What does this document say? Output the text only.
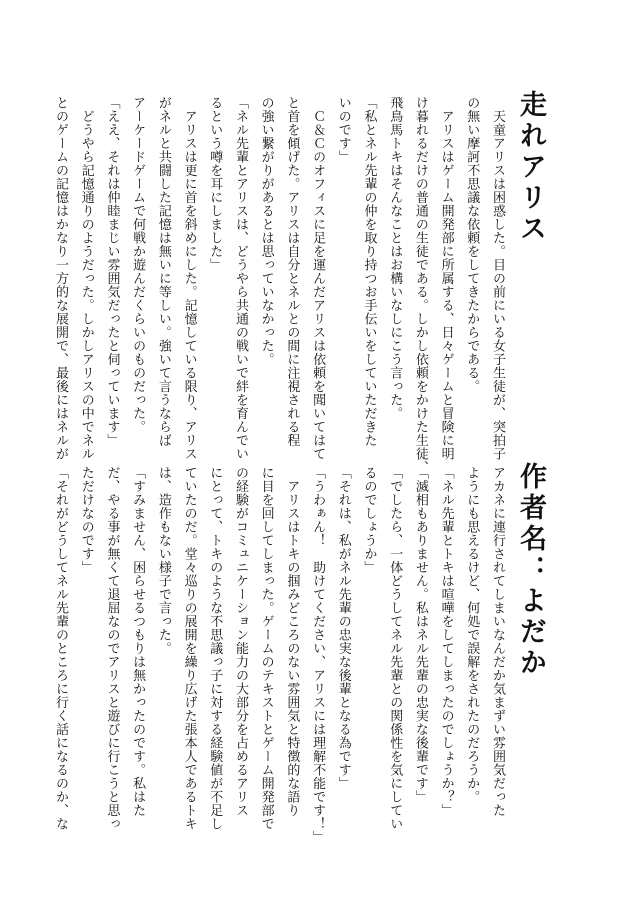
走れアリス

　天童アリスは困惑した。目の前にいる女子生徒が、突拍子

の無い摩訶不思議な依頼をしてきたからである。

　アリスはゲーム開発部に所属する、日々ゲームと冒険に明

け暮れるだけの普通の生徒である。しかし依頼をかけた生徒、

飛鳥馬トキはそんなことはお構いなしにこう言った。

「私とネル先輩の仲を取り持つお手伝いをしていただきた

いのです」

　Ｃ＆Ｃのオフィスに足を運んだアリスは依頼を聞いてはて

と首を傾げた。アリスは自分とネルとの間に注視される程

の強い繋がりがあるとは思っていなかった。

「ネル先輩とアリスは、どうやら共通の戦いで絆を育んでい

るという噂を耳にしました」

　アリスは更に首を斜めにした。記憶している限り、アリス

がネルと共闘した記憶は無いに等しい。強いて言うならば

アーケードゲームで何戦か遊んだくらいのものだった。

「ええ、それは仲睦まじい雰囲気だったと伺っています」

　どうやら記憶通りのようだった。しかしアリスの中でネル

とのゲームの記憶はかなり一方的な展開で、最後にはネルが

作者名：よだか

アカネに連行されてしまいなんだか気まずい雰囲気だった

ようにも思えるけど、何処で誤解をされたのだろうか。

「ネル先輩とトキは喧嘩をしてしまったのでしょうか？」

「滅相もありません。私はネル先輩の忠実な後輩です」

「でしたら、一体どうしてネル先輩との関係性を気にしてい

るのでしょうか」

「それは、私がネル先輩の忠実な後輩となる為です」

「うわぁん！　助けてください、アリスには理解不能です！」

　アリスはトキの掴みどころのない雰囲気と特徴的な語り

に目を回してしまった。ゲームのテキストとゲーム開発部で

の経験がコミュニケーション能力の大部分を占めるアリス

にとって、トキのような不思議っ子に対する経験値が不足し

ていたのだ。堂々巡りの展開を繰り広げた張本人であるトキ

は、造作もない様子で言った。

「すみません、困らせるつもりは無かったのです。私はた

だ、やる事が無くて退屈なのでアリスと遊びに行こうと思っ

ただけなのです」

「それがどうしてネル先輩のところに行く話になるのか、な
